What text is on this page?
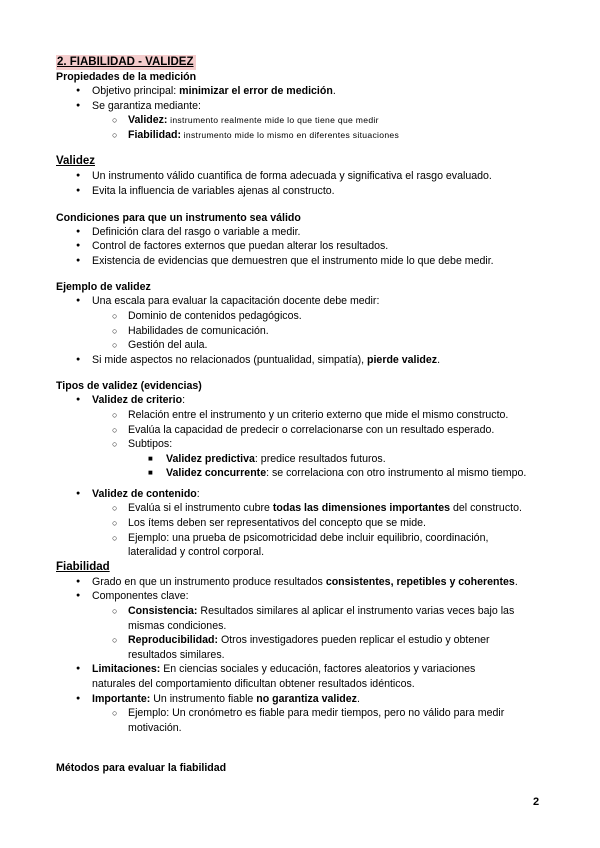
2. FIABILIDAD - VALIDEZ
Propiedades de la medición
● Objetivo principal: minimizar el error de medición.
● Se garantiza mediante:
○ Validez: instrumento realmente mide lo que tiene que medir
○ Fiabilidad: instrumento mide lo mismo en diferentes situaciones
Validez
● Un instrumento válido cuantifica de forma adecuada y significativa el rasgo evaluado.
● Evita la influencia de variables ajenas al constructo.
Condiciones para que un instrumento sea válido
● Definición clara del rasgo o variable a medir.
● Control de factores externos que puedan alterar los resultados.
● Existencia de evidencias que demuestren que el instrumento mide lo que debe medir.
Ejemplo de validez
● Una escala para evaluar la capacitación docente debe medir:
○ Dominio de contenidos pedagógicos.
○ Habilidades de comunicación.
○ Gestión del aula.
● Si mide aspectos no relacionados (puntualidad, simpatía), pierde validez.
Tipos de validez (evidencias)
● Validez de criterio:
○ Relación entre el instrumento y un criterio externo que mide el mismo constructo.
○ Evalúa la capacidad de predecir o correlacionarse con un resultado esperado.
○ Subtipos:
■ Validez predictiva: predice resultados futuros.
■ Validez concurrente: se correlaciona con otro instrumento al mismo tiempo.
● Validez de contenido:
○ Evalúa si el instrumento cubre todas las dimensiones importantes del constructo.
○ Los ítems deben ser representativos del concepto que se mide.
○ Ejemplo: una prueba de psicomotricidad debe incluir equilibrio, coordinación,
lateralidad y control corporal.
Fiabilidad
● Grado en que un instrumento produce resultados consistentes, repetibles y coherentes.
● Componentes clave:
○ Consistencia: Resultados similares al aplicar el instrumento varias veces bajo las
mismas condiciones.
○ Reproducibilidad: Otros investigadores pueden replicar el estudio y obtener
resultados similares.
● Limitaciones: En ciencias sociales y educación, factores aleatorios y variaciones
naturales del comportamiento dificultan obtener resultados idénticos.
● Importante: Un instrumento fiable no garantiza validez.
○ Ejemplo: Un cronómetro es fiable para medir tiempos, pero no válido para medir
motivación.
Métodos para evaluar la fiabilidad
2
